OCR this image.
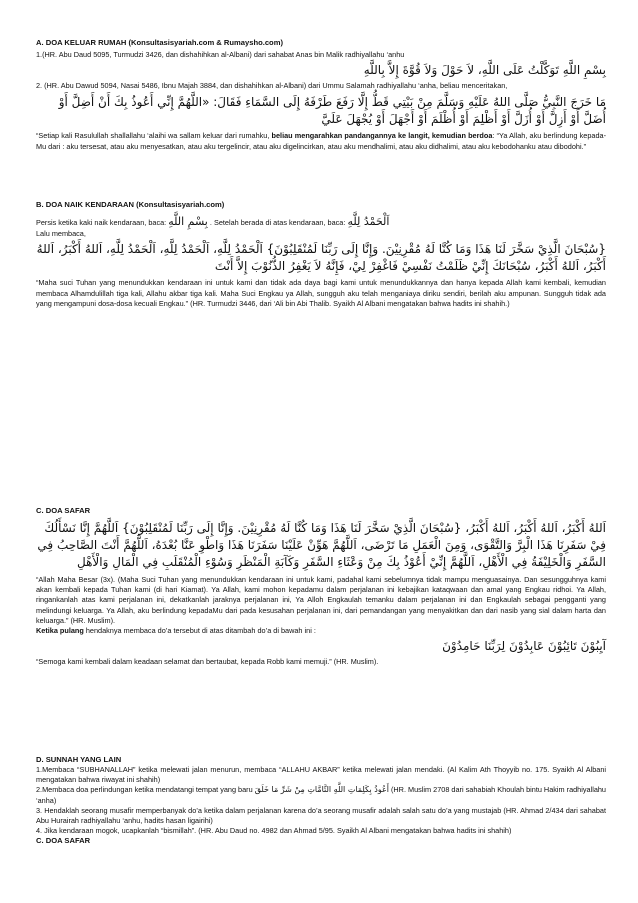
A. DOA KELUAR RUMAH (Konsultasisyariah.com & Rumaysho.com)

1.(HR. Abu Daud 5095, Turmudzi 3426, dan dishahihkan al-Albani) dari sahabat Anas bin Malik radhiyallahu ‘anhu

بِسْمِ اللَّهِ تَوَكَّلْتُ عَلَى اللَّهِ، لاَ حَوْلَ وَلاَ قُوَّةَ إِلاَّ بِاللَّهِ

2. (HR. Abu Dawud 5094, Nasai 5486, Ibnu Majah 3884, dan dishahihkan al-Albani) dari Ummu Salamah radhiyallahu ‘anha, beliau menceritakan,

مَا خَرَجَ النَّبِيُّ صَلَّى اللهُ عَلَيْهِ وَسَلَّمَ مِنْ بَيْتِي قَطُّ إِلَّا رَفَعَ طَرْفَهُ إِلَى السَّمَاءِ فَقَالَ: «اللَّهُمَّ إِنِّي أَعُوذُ بِكَ أَنْ أَضِلَّ أَوْ أُضَلَّ أَوْ أَزِلَّ أَوْ أُزَلَّ أَوْ أَظْلِمَ أَوْ أُظْلَمَ أَوْ أَجْهَلَ أَوْ يُجْهَلَ عَلَيَّ

“Setiap kali Rasulullah shallallahu ‘alaihi wa sallam keluar dari rumahku, beliau mengarahkan pandangannya ke langit, kemudian berdoa: “Ya Allah, aku berlindung kepada-Mu dari : aku tersesat, atau aku menyesatkan, atau aku tergelincir, atau aku digelincirkan, atau aku mendhalimi, atau aku didhalimi, atau aku kebodohanku atau dibodohi.”

B. DOA NAIK KENDARAAN (Konsultasisyariah.com)

Persis ketika kaki naik kendaraan, baca: بِسْمِ اللَّهِ . Setelah berada di atas kendaraan, baca: اَلْحَمْدُ لِلَّهِ

Lalu membaca,

{سُبْحَانَ الَّذِيْ سَخَّرَ لَنَا هَذَا وَمَا كُنَّا لَهُ مُقْرِنِيْنَ. وَإِنَّا إِلَى رَبِّنَا لَمُنْقَلِبُوْنَ} اَلْحَمْدُ لِلَّهِ، اَلْحَمْدُ لِلَّهِ، اَلْحَمْدُ لِلَّهِ، اَللهُ أَكْبَرُ، اَللهُ أَكْبَرُ، اَللهُ أَكْبَرُ، سُبْحَانَكَ إِنِّيْ ظَلَمْتُ نَفْسِيْ فَاغْفِرْ لِيْ، فَإِنَّهُ لاَ يَغْفِرُ الذُّنُوْبَ إِلاَّ أَنْتَ

“Maha suci Tuhan yang menundukkan kendaraan ini untuk kami dan tidak ada daya bagi kami untuk menundukkannya dan hanya kepada Allah kami kembali, kemudian membaca Alhamdulillah tiga kali, Allahu akbar tiga kali. Maha Suci Engkau ya Allah, sungguh aku telah menganiaya diriku sendiri, berilah aku ampunan. Sungguh tidak ada yang mengampuni dosa-dosa kecuali Engkau.” (HR. Turmudzi 3446, dari ‘Ali bin Abi Thalib. Syaikh Al Albani mengatakan bahwa hadits ini shahih.)

C. DOA SAFAR

اَللهُ أَكْبَرُ، اَللهُ أَكْبَرُ، اَللهُ أَكْبَرُ، {سُبْحَانَ الَّذِيْ سَخَّرَ لَنَا هَذَا وَمَا كُنَّا لَهُ مُقْرِنِيْنَ. وَإِنَّا إِلَى رَبِّنَا لَمُنْقَلِبُوْنَ} اَللَّهُمَّ إِنَّا نَسْأَلُكَ فِيْ سَفَرِنَا هَذَا الْبِرَّ وَالتَّقْوَى، وَمِنَ الْعَمَلِ مَا تَرْضَى، اَللَّهُمَّ هَوِّنْ عَلَيْنَا سَفَرَنَا هَذَا وَاطْوِ عَنَّا بُعْدَهُ، اَللَّهُمَّ أَنْتَ الصَّاحِبُ فِي السَّفَرِ وَالْخَلِيْفَةُ فِي الْأَهْلِ، اَللَّهُمَّ إِنِّيْ أَعُوْذُ بِكَ مِنْ وَعْثَاءِ السَّفَرِ وَكَآبَةِ الْمَنْظَرِ وَسُوْءِ الْمُنْقَلَبِ فِي الْمَالِ وَالْأَهْلِ

“Allah Maha Besar (3x). (Maha Suci Tuhan yang menundukkan kendaraan ini untuk kami, padahal kami sebelumnya tidak mampu menguasainya. Dan sesungguhnya kami akan kembali kepada Tuhan kami (di hari Kiamat). Ya Allah, kami mohon kepadamu dalam perjalanan ini kebajikan kataqwaan dan amal yang Engkau ridhoi. Ya Allah, ringankanlah atas kami perjalanan ini, dekatkanlah jaraknya perjalanan ini, Ya Alloh Engkaulah temanku dalam perjalanan ini dan Engkaulah sebagai pengganti yang melindungi keluarga. Ya Allah, aku berlindung kepadaMu dari pada kesusahan perjalanan ini, dari pemandangan yang menyakitkan dan dari nasib yang sial dalam harta dan keluarga.” (HR. Muslim).

Ketika pulang hendaknya membaca do’a tersebut di atas ditambah do’a di bawah ini :

آيِبُوْنَ تَائِبُوْنَ عَابِدُوْنَ لِرَبِّنَا حَامِدُوْنَ

“Semoga kami kembali dalam keadaan selamat dan bertaubat, kepada Robb kami memuji.” (HR. Muslim).

D. SUNNAH YANG LAIN

1.Membaca “SUBHANALLAH” ketika melewati jalan menurun, membaca “ALLAHU AKBAR” ketika melewati jalan mendaki. (Al Kalim Ath Thoyyib no. 175. Syaikh Al Albani mengatakan bahwa riwayat ini shahih)

2.Membaca doa perlindungan ketika mendatangi tempat yang baru أَعُوذُ بِكَلِمَاتِ اللَّهِ التَّامَّاتِ مِنْ شَرِّ مَا خَلَقَ (HR. Muslim 2708 dari sahabiah Khoulah bintu Hakim radhiyallahu ‘anha)

3. Hendaklah seorang musafir memperbanyak do’a ketika dalam perjalanan karena do’a seorang musafir adalah salah satu do’a yang mustajab (HR. Ahmad 2/434 dari sahabat Abu Hurairah radhiyallahu ‘anhu, hadits hasan ligairihi)

4. Jika kendaraan mogok, ucapkanlah “bismillah”. (HR. Abu Daud no. 4982 dan Ahmad 5/95. Syaikh Al Albani mengatakan bahwa hadits ini shahih)

C. DOA SAFAR
